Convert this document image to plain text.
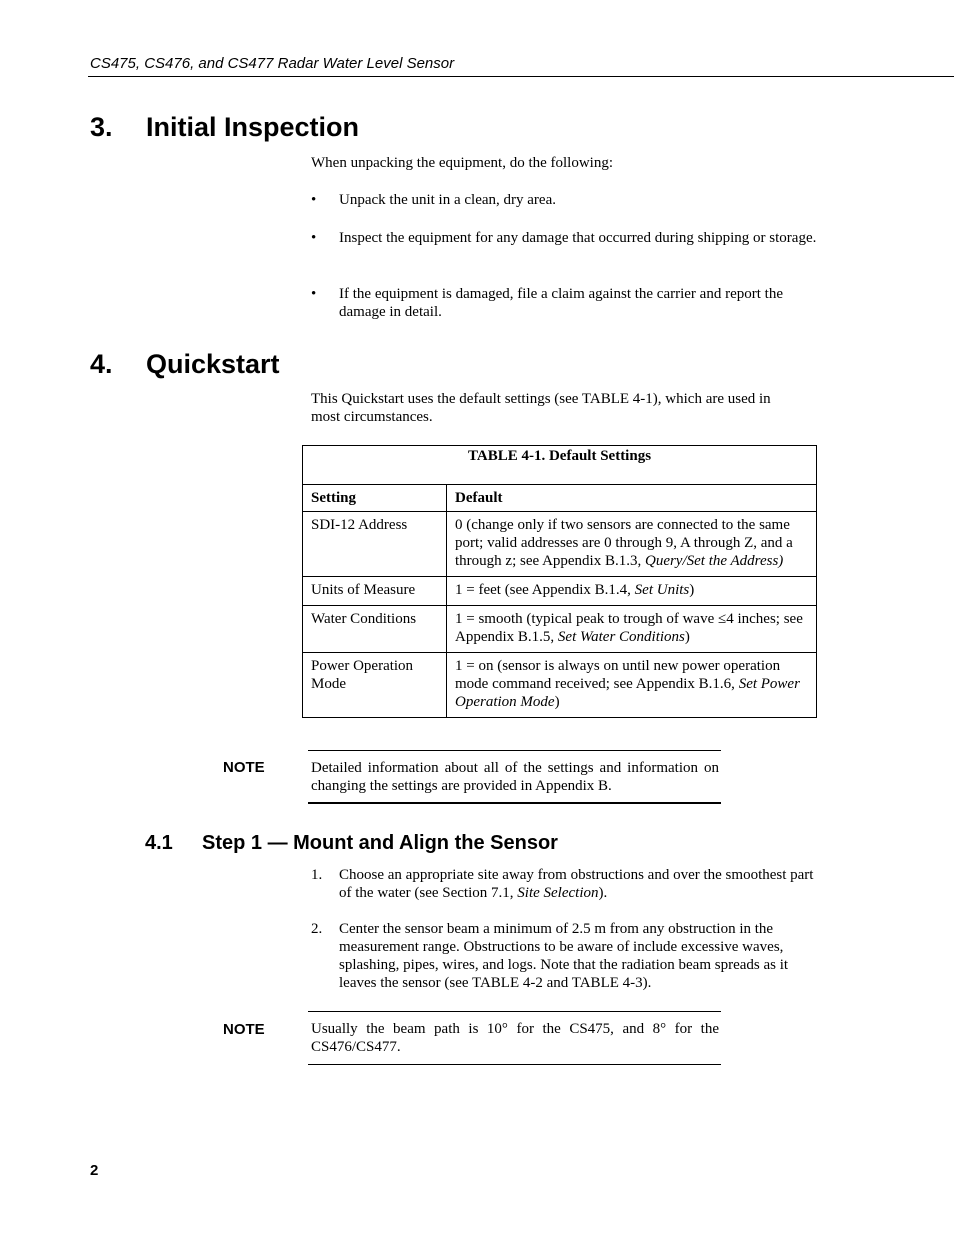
CS475, CS476, and CS477 Radar Water Level Sensor
3. Initial Inspection
When unpacking the equipment, do the following:
• Unpack the unit in a clean, dry area.
• Inspect the equipment for any damage that occurred during shipping or storage.
• If the equipment is damaged, file a claim against the carrier and report the damage in detail.
4. Quickstart
This Quickstart uses the default settings (see TABLE 4-1), which are used in most circumstances.
TABLE 4-1. Default Settings	
Setting	Default
SDI-12 Address	0 (change only if two sensors are connected to the same port; valid addresses are 0 through 9, A through Z, and a through z; see Appendix B.1.3, Query/Set the Address)
Units of Measure	1 = feet (see Appendix B.1.4, Set Units)
Water Conditions	1 = smooth (typical peak to trough of wave ≤4 inches; see Appendix B.1.5, Set Water Conditions)
Power Operation Mode	1 = on (sensor is always on until new power operation mode command received; see Appendix B.1.6, Set Power Operation Mode)
NOTE	Detailed information about all of the settings and information on changing the settings are provided in Appendix B.
4.1 Step 1 — Mount and Align the Sensor
1. Choose an appropriate site away from obstructions and over the smoothest part of the water (see Section 7.1, Site Selection).
2. Center the sensor beam a minimum of 2.5 m from any obstruction in the measurement range. Obstructions to be aware of include excessive waves, splashing, pipes, wires, and logs. Note that the radiation beam spreads as it leaves the sensor (see TABLE 4-2 and TABLE 4-3).
NOTE	Usually the beam path is 10° for the CS475, and 8° for the CS476/CS477.
2
